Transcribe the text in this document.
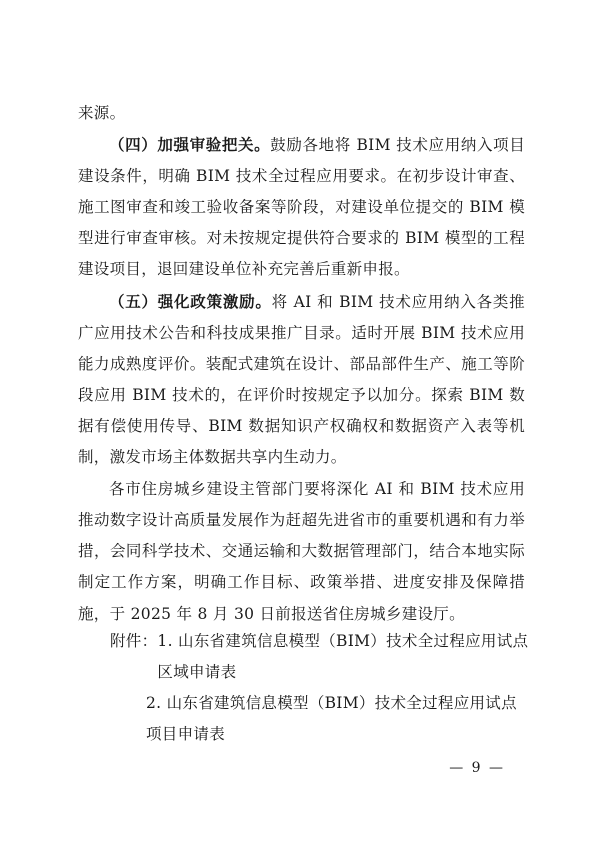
来源。

（四）加强审验把关。鼓励各地将 BIM 技术应用纳入项目建设条件，明确 BIM 技术全过程应用要求。在初步设计审查、施工图审查和竣工验收备案等阶段，对建设单位提交的 BIM 模型进行审查审核。对未按规定提供符合要求的 BIM 模型的工程建设项目，退回建设单位补充完善后重新申报。

（五）强化政策激励。将 AI 和 BIM 技术应用纳入各类推广应用技术公告和科技成果推广目录。适时开展 BIM 技术应用能力成熟度评价。装配式建筑在设计、部品部件生产、施工等阶段应用 BIM 技术的，在评价时按规定予以加分。探索 BIM 数据有偿使用传导、BIM 数据知识产权确权和数据资产入表等机制，激发市场主体数据共享内生动力。

各市住房城乡建设主管部门要将深化 AI 和 BIM 技术应用推动数字设计高质量发展作为赶超先进省市的重要机遇和有力举措，会同科学技术、交通运输和大数据管理部门，结合本地实际制定工作方案，明确工作目标、政策举措、进度安排及保障措施，于 2025 年 8 月 30 日前报送省住房城乡建设厅。

附件： 1. 山东省建筑信息模型（BIM）技术全过程应用试点区域申请表
2. 山东省建筑信息模型（BIM）技术全过程应用试点项目申请表
— 9 —
